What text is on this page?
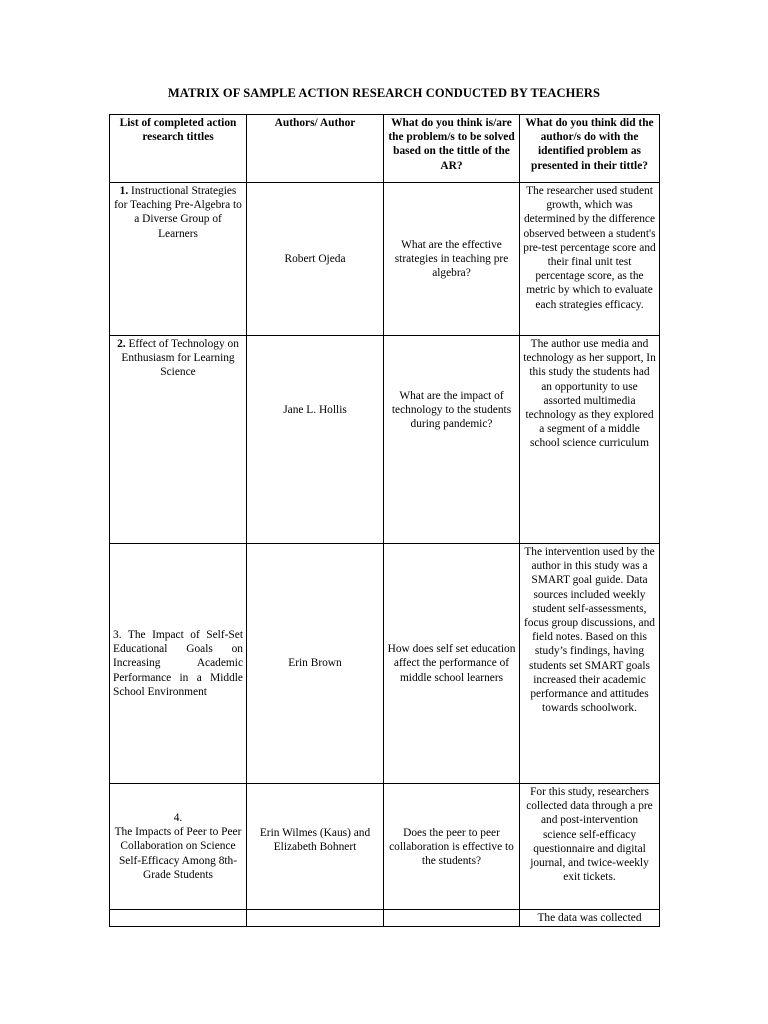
MATRIX OF SAMPLE ACTION RESEARCH CONDUCTED BY TEACHERS
List of completed action research tittles	Authors/ Author	What do you think is/are the problem/s to be solved based on the tittle of the AR?	What do you think did the author/s do with the identified problem as presented in their tittle?
1. Instructional Strategies for Teaching Pre-Algebra to a Diverse Group of Learners	Robert Ojeda	What are the effective strategies in teaching pre algebra?	The researcher used student growth, which was determined by the difference observed between a student's pre-test percentage score and their final unit test percentage score, as the metric by which to evaluate each strategies efficacy.
2. Effect of Technology on Enthusiasm for Learning Science	Jane L. Hollis	What are the impact of technology to the students during pandemic?	The author use media and technology as her support, In this study the students had an opportunity to use assorted multimedia technology as they explored a segment of a middle school science curriculum

3. The Impact of Self-Set Educational Goals on Increasing Academic Performance in a Middle School Environment	Erin Brown	How does self set education affect the performance of middle school learners	The intervention used by the author in this study was a SMART goal guide. Data sources included weekly student self-assessments, focus group discussions, and field notes. Based on this study’s findings, having students set SMART goals increased their academic performance and attitudes towards schoolwork.

4.
The Impacts of Peer to Peer Collaboration on Science Self-Efficacy Among 8th-Grade Students	Erin Wilmes (Kaus) and Elizabeth Bohnert	Does the peer to peer collaboration is effective to the students?	For this study, researchers collected data through a pre and post-intervention science self-efficacy questionnaire and digital journal, and twice-weekly exit tickets.
			The data was collected
